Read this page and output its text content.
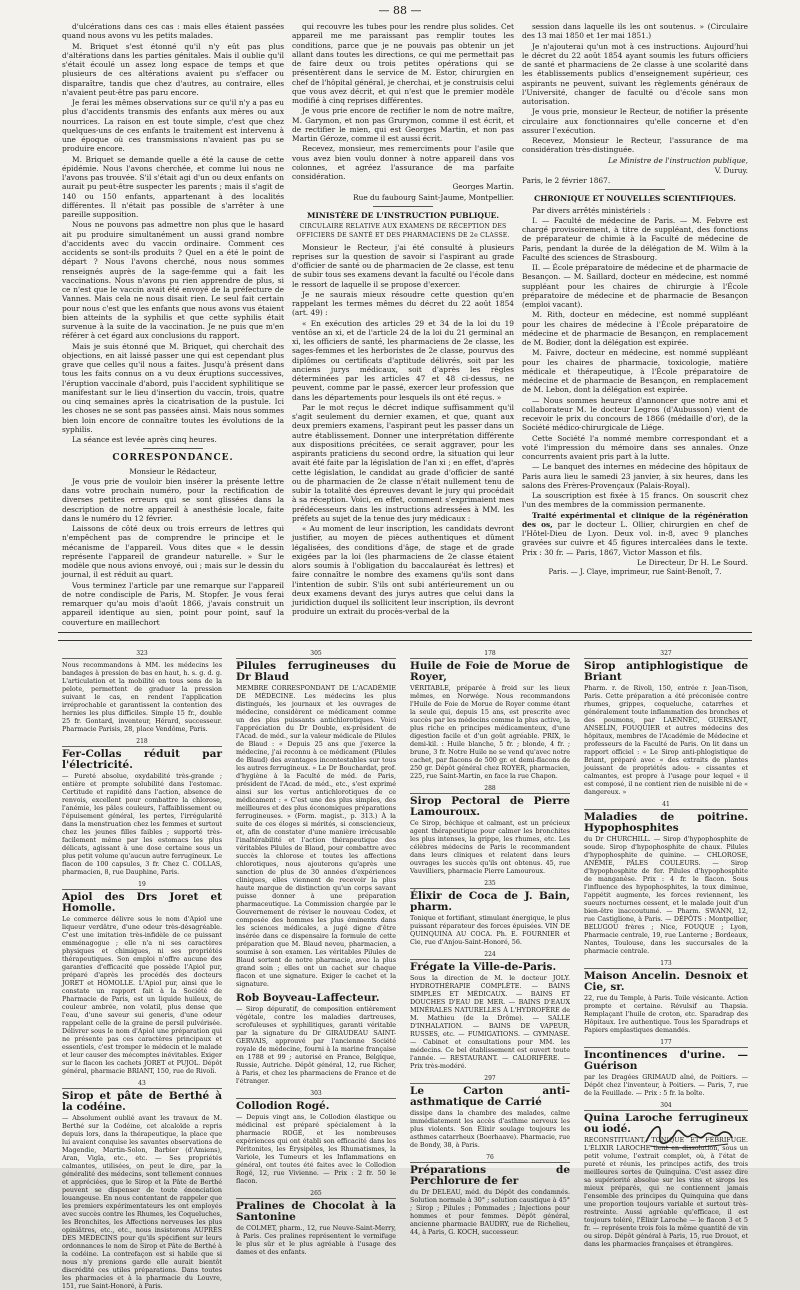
— 88 —

d'ulcérations dans ces cas : mais elles étaient passées quand nous avons vu les petits malades.

M. Briquet s'est étonné qu'il n'y eût pas plus d'altérations dans les parties génitales. Mais il oublie qu'il s'était écoulé un assez long espace de temps et que plusieurs de ces altérations avaient pu s'effacer ou disparaître, tandis que chez d'autres, au contraire, elles n'avaient peut-être pas paru encore.

Je ferai les mêmes observations sur ce qu'il n'y a pas eu plus d'accidents transmis des enfants aux mères ou aux nourrices. La raison en est toute simple, c'est que chez quelques-uns de ces enfants le traitement est intervenu à une époque où ces transmissions n'avaient pas pu se produire encore.

M. Briquet se demande quelle a été la cause de cette épidémie. Nous l'avons cherchée, et comme lui nous ne l'avons pas trouvée. S'il s'était agi d'un ou deux enfants on aurait pu peut-être suspecter les parents ; mais il s'agit de 140 ou 150 enfants, appartenant à des localités différentes. Il n'était pas possible de s'arrêter à une pareille supposition.

Nous ne pouvons pas admettre non plus que le hasard ait pu produire simultanément un aussi grand nombre d'accidents avec du vaccin ordinaire. Comment ces accidents se sont-ils produits ? Quel en a été le point de départ ? Nous l'avons cherché, nous nous sommes renseignés auprès de la sage-femme qui a fait les vaccinations. Nous n'avons pu rien apprendre de plus, si ce n'est que le vaccin avait été envoyé de la préfecture de Vannes. Mais cela ne nous disait rien. Le seul fait certain pour nous c'est que les enfants que nous avons vus étaient bien atteints de la syphilis et que cette syphilis était survenue à la suite de la vaccination. Je ne puis que m'en référer à cet égard aux conclusions du rapport.

Mais je suis étonné que M. Briquet, qui cherchait des objections, en ait laissé passer une qui est cependant plus grave que celles qu'il nous a faites. Jusqu'à présent dans tous les faits connus on a vu deux éruptions successives, l'éruption vaccinale d'abord, puis l'accident syphilitique se manifestant sur le lieu d'insertion du vaccin, trois, quatre ou cinq semaines après la cicatrisation de la pustule. Ici les choses ne se sont pas passées ainsi. Mais nous sommes bien loin encore de connaître toutes les évolutions de la syphilis.

La séance est levée après cinq heures.

CORRESPONDANCE.

Monsieur le Rédacteur,

Je vous prie de vouloir bien insérer la présente lettre dans votre prochain numéro, pour la rectification de diverses petites erreurs qui se sont glissées dans la description de notre appareil à anesthésie locale, faite dans le numéro du 12 février.

Laissons de côté deux ou trois erreurs de lettres qui n'empêchent pas de comprendre le principe et le mécanisme de l'appareil. Vous dites que « le dessin représente l'appareil de grandeur naturelle. » Sur le modèle que nous avions envoyé, oui ; mais sur le dessin du journal, il est réduit au quart.

Vous terminez l'article par une remarque sur l'appareil de notre condisciple de Paris, M. Stopfer. Je vous ferai remarquer qu'au mois d'août 1866, j'avais construit un appareil identique au sien, point pour point, sauf la couverture en maillechort

qui recouvre les tubes pour les rendre plus solides. Cet appareil me me paraissant pas remplir toutes les conditions, parce que je ne pouvais pas obtenir un jet allant dans toutes les directions, ce qui me permettait pas de faire deux ou trois petites opérations qui se présentèrent dans le service de M. Estor, chirurgien en chef de l'hôpital général, je cherchai, et je construisis celui que vous avez décrit, et qui n'est que le premier modèle modifié à cinq reprises différentes.

Je vous prie encore de rectifier le nom de notre maître, M. Garymon, et non pas Grurymon, comme il est écrit, et de rectifier le mien, qui est Georges Martin, et non pas Martin Géroze, comme il est aussi écrit.

Recevez, monsieur, mes remerciments pour l'asile que vous avez bien voulu donner à notre appareil dans vos colonnes, et agréez l'assurance de ma parfaite considération.

Georges Martin.

Rue du faubourg Saint-Jaume, Montpellier.

MINISTÈRE DE L'INSTRUCTION PUBLIQUE.

CIRCULAIRE RELATIVE AUX EXAMENS DE RÉCEPTION DES OFFICIERS DE SANTÉ ET DES PHARMACIENS DE 2e CLASSE.

Monsieur le Recteur, j'ai été consulté à plusieurs reprises sur la question de savoir si l'aspirant au grade d'officier de santé ou de pharmacien de 2e classe, est tenu de subir tous ses examens devant la faculté ou l'école dans le ressort de laquelle il se propose d'exercer.

Je ne saurais mieux résoudre cette question qu'en rappelant les termes mêmes du décret du 22 août 1854 (art. 49) :

« En exécution des articles 29 et 34 de la loi du 19 ventôse an xi, et de l'article 24 de la loi du 21 germinal an xi, les officiers de santé, les pharmaciens de 2e classe, les sages-femmes et les herboristes de 2e classe, pourvus des diplômes ou certificats d'aptitude délivrés, soit par les anciens jurys médicaux, soit d'après les règles déterminées par les articles 47 et 48 ci-dessus, ne peuvent, comme par le passé, exercer leur profession que dans les départements pour lesquels ils ont été reçus. »

Par le mot reçus le décret indique suffisamment qu'il s'agit seulement du dernier examen, et que, quant aux deux premiers examens, l'aspirant peut les passer dans un autre établissement. Donner une interprétation différente aux dispositions précitées, ce serait aggraver, pour les aspirants praticiens du second ordre, la situation qui leur avait été faite par la législation de l'an xi ; en effet, d'après cette législation, le candidat au grade d'officier de santé ou de pharmacien de 2e classe n'était nullement tenu de subir la totalité des épreuves devant le jury qui procédait à sa réception. Voici, en effet, comment s'exprimaient mes prédécesseurs dans les instructions adressées à MM. les préfets au sujet de la tenue des jury médicaux :

« Au moment de leur inscription, les candidats devront justifier, au moyen de pièces authentiques et dûment légalisées, des conditions d'âge, de stage et de grade exigées par la loi (les pharmaciens de 2e classe étaient alors soumis à l'obligation du baccalauréat ès lettres) et faire connaître le nombre des examens qu'ils sont dans l'intention de subir. S'ils ont subi antérieurement un ou deux examens devant des jurys autres que celui dans la juridiction duquel ils sollicitent leur inscription, ils devront produire un extrait du procès-verbal de la

session dans laquelle ils les ont soutenus. » (Circulaire des 13 mai 1850 et 1er mai 1851.)

Je n'ajouterai qu'un mot à ces instructions. Aujourd'hui le décret du 22 août 1854 ayant soumis les futurs officiers de santé et pharmaciens de 2e classe à une scolarité dans les établissements publics d'enseignement supérieur, ces aspirants ne peuvent, suivant les règlements généraux de l'Université, changer de faculté ou d'école sans mon autorisation.

Je vous prie, monsieur le Recteur, de notifier la présente circulaire aux fonctionnaires qu'elle concerne et d'en assurer l'exécution.

Recevez, Monsieur le Recteur, l'assurance de ma considération très-distinguée.

Le Ministre de l'instruction publique,

V. Duruy.

Paris, le 2 février 1867.

CHRONIQUE ET NOUVELLES SCIENTIFIQUES.

Par divers arrêtés ministériels :

I. — Faculté de médecine de Paris. — M. Febvre est chargé provisoirement, à titre de suppléant, des fonctions de préparateur de chimie à la Faculté de médecine de Paris, pendant la durée de la délégation de M. Wilm à la Faculté des sciences de Strasbourg.

II. — École préparatoire de médecine et de pharmacie de Besançon. — M. Saillard, docteur en médecine, est nommé suppléant pour les chaires de chirurgie à l'École préparatoire de médecine et de pharmacie de Besançon (emploi vacant).

M. Rith, docteur en médecine, est nommé suppléant pour les chaires de médecine à l'École préparatoire de médecine et de pharmacie de Besançon, en remplacement de M. Bodier, dont la délégation est expirée.

M. Faivre, docteur en médecine, est nommé suppléant pour les chaires de pharmacie, toxicologie, matière médicale et thérapeutique, à l'École préparatoire de médecine et de pharmacie de Besançon, en remplacement de M. Lebon, dont la délégation est expirée.

— Nous sommes heureux d'annoncer que notre ami et collaborateur M. le docteur Legros (d'Aubusson) vient de recevoir le prix du concours de 1866 (médaille d'or), de la Société médico-chirurgicale de Liége.

Cette Société l'a nommé membre correspondant et a voté l'impression du mémoire dans ses annales. Onze concurrents avaient pris part à la lutte.

— Le banquet des internes en médecine des hôpitaux de Paris aura lieu le samedi 23 janvier, à six heures, dans les salons des Frères-Provençaux (Palais-Royal).

La souscription est fixée à 15 francs. On souscrit chez l'un des membres de la commission permanente.

Traité expérimental et clinique de la régénération des os, par le docteur L. Ollier, chirurgien en chef de l'Hôtel-Dieu de Lyon. Deux vol. in-8, avec 9 planches gravées sur cuivre et 45 figures intercalées dans le texte. Prix : 30 fr. — Paris, 1867, Victor Masson et fils.

Le Directeur, Dr H. Le Sourd.

Paris. — J. Claye, imprimeur, rue Saint-Benoît, 7.

323
Nous recommandons à MM. les médecins les bandages à pression de bas en haut, h. s. g. d. g. L'articulation et la mobilité en tous sens de la pelote, permettent de graduer la pression suivant le cas, en rendent l'application irréprochable et garantissent la contention des hernies les plus difficiles. Simple 15 fr., double 25 fr. Gontard, inventeur, Hérard, successeur. Pharmacie Parisis, 28, place Vendôme, Paris.
218
Fer-Collas réduit par l'électricité.
— Pureté absolue, oxydabilité très-grande ; entière et prompte solubilité dans l'estomac. Certitude et rapidité dans l'action, absence de renvois, excellent pour combattre la chlorose, l'anémie, les pâles couleurs, l'affaiblissement ou l'épuisement général, les pertes, l'irrégularité dans la menstruation chez les femmes et surtout chez les jeunes filles faibles ; supporté très-facilement même par les estomacs les plus délicats, agissant à une dose certaine sous un plus petit volume qu'aucun autre ferrugineux. Le flacon de 100 capsules, 3 fr. Chez C. COLLAS, pharmacien, 8, rue Dauphine, Paris.
19
Apiol des Drs Joret et Homolle.
Le commerce délivre sous le nom d'Apiol une liqueur verdâtre, d'une odeur très-désagréable. C'est une imitation très-infidèle de ce puissant emménagogue ; elle n'a ni ses caractères physiques et chimiques, ni ses propriétés thérapeutiques. Son emploi n'offre aucune des garanties d'efficacité que possède l'Apiol pur, préparé d'après les procédés des docteurs JORET et HOMOLLE. L'Apiol pur, ainsi que le constate un rapport fait à la Société de Pharmacie de Paris, est un liquide huileux, de couleur ambrée, non volatil, plus dense que l'eau, d'une saveur sui generis, d'une odeur rappelant celle de la graine de persil pulvérisée. Délivrer sous le nom d'Apiol une préparation qui ne présente pas ces caractères principaux et essentiels, c'est tromper le médecin et le malade et leur causer des mécomptes inévitables. Exiger sur le flacon les cachets JORET et PUJOL. Dépôt général, pharmacie BRIANT, 150, rue de Rivoli.
43
Sirop et pâte de Berthé à la codéine.
— Absolument oublié avant les travaux de M. Berthé sur la Codéine, cet alcaloïde a repris depuis lors, dans la thérapeutique, la place que lui avaient conquise les savantes observations de Magendie, Martin-Solon, Barbier (d'Amiens), Aran, Vigla, etc., etc. — Ses propriétés calmantes, utilisées, on peut le dire, par la généralité des médecins, sont tellement connues et appréciées, que le Sirop et la Pâte de Berthé peuvent se dispenser de toute énonciation louangeuse. En nous contentant de rappeler que les premiers expérimentateurs les ont employés avec succès contre les Rhumes, les Coqueluches, les Bronchites, les Affections nerveuses les plus opiniâtres, etc., etc., nous insisterons AUPRÈS DES MÉDECINS pour qu'ils spécifient sur leurs ordonnances le nom de Sirop et Pâte de Berthé à la codéine. La contrefaçon est si habile que si nous n'y prenions garde elle aurait bientôt discrédité ces utiles préparations. Dans toutes les pharmacies et à la pharmacie du Louvre, 151, rue Saint-Honoré, à Paris.
305
Pilules ferrugineuses du Dr Blaud
MEMBRE CORRESPONDANT DE L'ACADÉMIE DE MÉDECINE. Les médecins les plus distingués, les journaux et les ouvrages de médecine, considèrent ce médicament comme un des plus puissants antichlorotiques. Voici l'appréciation du Dr Double, ex-président de l'Acad. de méd., sur la valeur médicale de Pilules de Blaud : « Depuis 25 ans que j'exerce la médecine, j'ai reconnu à ce médicament (Pilules de Blaud) des avantages incontestables sur tous les autres ferrugineux. » Le Dr Bouchardat, prof. d'hygiène à la Faculté de méd. de Paris, président de l'Acad. de méd., etc., s'est exprimé ainsi sur les vertus antichlorotiques de ce médicament : « C'est une des plus simples, des meilleures et des plus économiques préparations ferrugineuses. » (Form. magist., p. 313.) À la suite de ces éloges si mérités, si consciencieux, et, afin de constater d'une manière irrécusable l'inaltérabilité et l'action thérapeutique des véritables Pilules de Blaud, pour combattre avec succès la chlorose et toutes les affections chlorotiques, nous ajouterons qu'après une sanction de plus de 30 années d'expériences cliniques, elles viennent de recevoir la plus haute marque de distinction qu'un corps savant puisse donner à une préparation pharmaceutique. La Commission chargée par le Gouvernement de réviser le nouveau Codex, et composée des hommes les plus éminents dans les sciences médicales, a jugé digne d'être insérée dans ce dispensaire la formule de cette préparation que M. Blaud neveu, pharmacien, a soumise à son examen. Les véritables Pilules de Blaud sortent de notre pharmacie, avec la plus grand soin ; elles ont un cachet sur chaque flacon et une signature. Exiger le cachet et la signature.
Rob Boyveau-Laffecteur.
— Sirop dépuratif, de composition entièrement végétale, contre les maladies dartreuses, scrofuleuses et syphilitiques, garanti véritable par la signature du Dr GIRAUDEAU SAINT-GERVAIS, approuvé par l'ancienne Société royale de médecine, fourni à la marine française en 1788 et 99 ; autorisé en France, Belgique, Russie, Autriche. Dépôt général, 12, rue Richer, à Paris, et chez les pharmaciens de France et de l'étranger.
303
Collodion Rogé.
— Depuis vingt ans, le Collodion élastique ou médicinal est préparé spécialement à la pharmacie ROGÉ, et les nombreuses expériences qui ont établi son efficacité dans les Péritonites, les Érysipèles, les Rhumatismes, la Variole, les Tumeurs et les Inflammations en général, ont toutes été faites avec le Collodion Rogé, 12, rue Vivienne. — Prix : 2 fr. 50 le flacon.
265
Pralines de Chocolat à la Santonine
de COLMET, pharm., 12, rue Neuve-Saint-Merry, à Paris. Ces pralines représentent le vermifuge le plus sûr et le plus agréable à l'usage des dames et des enfants.
178
Huile de Foie de Morue de Royer,
VÉRITABLE, préparée à froid sur les lieux mêmes, en Norwége. Nous recommandons l'Huile de Foie de Morue de Royer comme étant la seule qui, depuis 15 ans, est prescrite avec succès par les médecins comme la plus active, la plus riche en principes médicamenteux, d'une digestion facile et d'un goût agréable. PRIX, le demi-kil. : Huile blanche, 5 fr. ; blonde, 4 fr. ; brune, 3 fr. Notre Huile ne se vend qu'avec notre cachet, par flacons de 500 gr. et demi-flacons de 250 gr. Dépôt général chez ROYER, pharmacien, 225, rue Saint-Martin, en face la rue Chapon.
288
Sirop Pectoral de Pierre Lamouroux.
Ce Sirop, béchique et calmant, est un précieux agent thérapeutique pour calmer les bronchites les plus intenses, la grippe, les rhumes, etc. Les célèbres médecins de Paris le recommandent dans leurs cliniques et relatent dans leurs ouvrages les succès qu'ils ont obtenus. 45, rue Vauvilliers, pharmacie Pierre Lamouroux.
235
Élixir de Coca de J. Bain, pharm.
Tonique et fortifiant, stimulant énergique, le plus puissant réparateur des forces épuisées. VIN DE QUINQUINA AU COCA. Ph. E. FOURNIER et Cie, rue d'Anjou-Saint-Honoré, 56.
224
Frégate la Ville-de-Paris.
Sous la direction de M. le docteur JOLY. HYDROTHÉRAPIE COMPLÈTE. — BAINS SIMPLES ET MÉDICAUX. — BAINS ET DOUCHES D'EAU DE MER. — BAINS D'EAUX MINÉRALES NATURELLES À L'HYDROFÈRE de M. Mathieu (de la Drôme). — SALLE D'INHALATION. — BAINS DE VAPEUR, RUSSES, etc. — FUMIGATIONS. — GYMNASE. — Cabinet et consultations pour MM. les médecins. Ce bel établissement est ouvert toute l'année. — RESTAURANT. — CALORIFÈRE. — Prix très-modéré.
297
Le Carton anti-asthmatique de Carrié
dissipe dans la chambre des malades, calme immédiatement les accès d'asthme nerveux les plus violents. Son Élixir soulage toujours les asthmes catarrheux (Boerhaave). Pharmacie, rue de Bondy, 38, à Paris.
76
Préparations de Perchlorure de fer
du Dr DELEAU, méd. du Dépôt des condamnés. Solution normale à 30° ; solution caustique à 45° ; Sirop ; Pilules ; Pommades ; Injections pour hommes et pour femmes. Dépôt général, ancienne pharmacie BAUDRY, rue de Richelieu, 44, à Paris, G. KOCH, successeur.
327
Sirop antiphlogistique de Briant
Pharm. r. de Rivoli, 150, entrée r. Jean-Tison, Paris. Cette préparation a été préconisée contre rhumes, grippes, coqueluche, catarrhes et généralement toute inflammation des bronches et des poumons, par LAENNEC, GUERSANT, ANSELIN, FOUQUIER et autres médecins des hôpitaux, membres de l'Académie de Médecine et professeurs de la Faculté de Paris. On lit dans un rapport officiel : « Le Sirop anti-phlogistique de Briant, préparé avec « des extraits de plantes jouissant de propriétés adou- « cissantes et calmantes, est propre à l'usage pour lequel « il est composé, il ne contient rien de nuisible ni de « dangereux. »
41
Maladies de poitrine. Hypophosphites
du Dr CHURCHILL. — Sirop d'hypophosphite de soude. Sirop d'hypophosphite de chaux. Pilules d'hypophosphite de quinine. — CHLOROSE, ANÉMIE, PÂLES COULEURS. — Sirop d'hypophosphite de fer. Pilules d'hypophosphite de manganèse. Prix : 4 fr. le flacon. Sous l'influence des hypophosphites, la toux diminue, l'appétit augmente, les forces reviennent, les sueurs nocturnes cessent, et le malade jouit d'un bien-être inaccoutumé. — Pharm. SWANN, 12, rue Castiglione, à Paris. — DÉPÔTS : Montpellier, BELUGOU frères ; Nice, FOUQUE ; Lyon, Pharmacie centrale, 19, rue Lanterne ; Bordeaux, Nantes, Toulouse, dans les succursales de la pharmacie centrale.
173
Maison Ancelin. Desnoix et Cie, sr.
22, rue du Temple, à Paris. Toile vésicante. Action prompte et certaine. Révulsif au Thapsia. Remplaçant l'huile de croton, etc. Sparadrap des Hôpitaux. 1re authentique. Tous les Sparadraps et Papiers emplastiques demandés.
177
Incontinences d'urine. — Guérison
par les Dragées GRIMAUD aîné, de Poitiers. — Dépôt chez l'inventeur, à Poitiers. — Paris, 7, rue de la Feuillade. — Prix : 5 fr. la boîte.
304
Quina Laroche ferrugineux ou iodé.
RECONSTITUANT, TONIQUE ET FÉBRIFUGE. L'ÉLIXIR LAROCHE tient en dissolution, sous un petit volume, l'extrait complet, où, à l'état de pureté et réunis, les principes actifs, des trois meilleures sortes de Quinquina. C'est assez dire sa supériorité absolue sur les vins et sirops les mieux préparés, qui ne contiennent jamais l'ensemble des principes du Quinquina que dans une proportion toujours variable et surtout très-restreinte. Aussi agréable qu'efficace, il est toujours toléré, l'Élixir Laroche — le flacon 3 et 5 fr. — représente trois fois la même quantité de vin ou sirop. Dépôt général à Paris, 15, rue Drouot, et dans les pharmacies françaises et étrangères.
